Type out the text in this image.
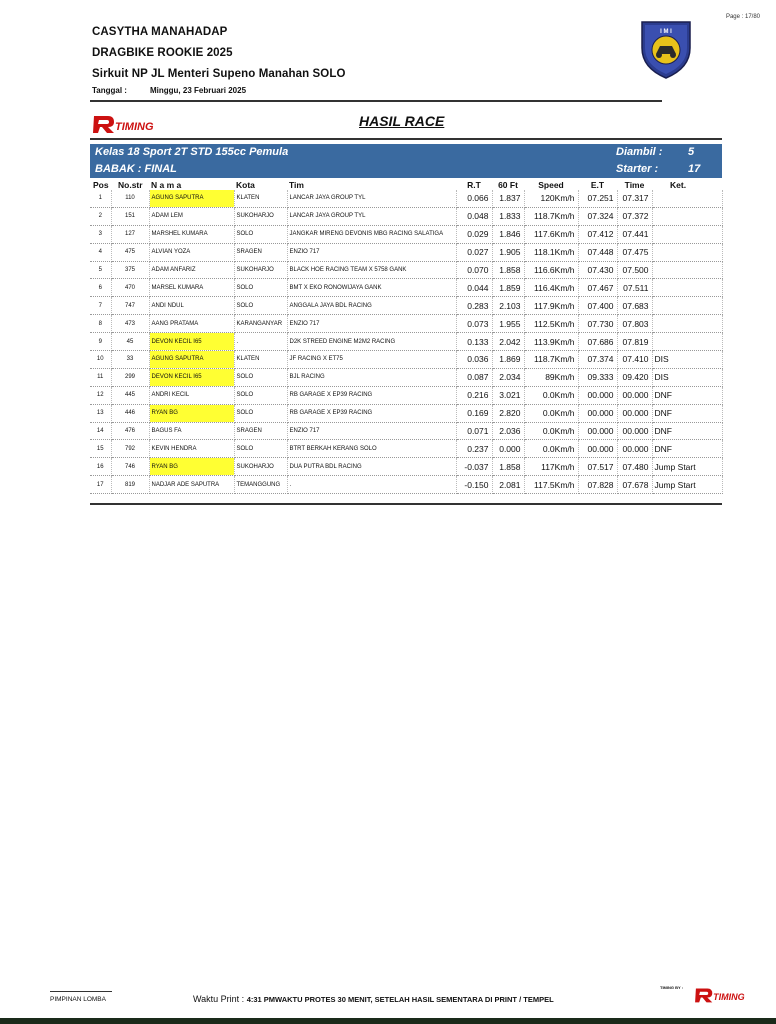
Page : 17/80
CASYTHA MANAHADAP
DRAGBIKE ROOKIE 2025
Sirkuit NP JL Menteri Supeno Manahan SOLO
Tanggal :	Minggu, 23 Februari 2025
I M I
TIMING	HASIL RACE
Kelas 18 Sport 2T STD 155cc Pemula
BABAK : FINAL
Diambil : 5
Starter :	17
Pos	No.str	N a m a	Kota	Tim	R.T	60 Ft	Speed	E.T	Time	Ket.
1	110	AGUNG SAPUTRA	KLATEN	LANCAR JAYA GROUP TYL	0.066	1.837	120Km/h	07.251	07.317	
2	151	ADAM LEM	SUKOHARJO	LANCAR JAYA GROUP TYL	0.048	1.833	118.7Km/h	07.324	07.372	
3	127	MARSHEL KUMARA	SOLO	JANGKAR MIRENG DEVONIS MBG RACING SALATIGA	0.029	1.846	117.6Km/h	07.412	07.441	
4	475	ALVIAN YOZA	SRAGEN	ENZIO 717	0.027	1.905	118.1Km/h	07.448	07.475	
5	375	ADAM ANFARIZ	SUKOHARJO	BLACK HOE RACING TEAM X 5758 GANK	0.070	1.858	116.6Km/h	07.430	07.500	
6	470	MARSEL KUMARA	SOLO	BMT X EKO RONOWIJAYA GANK	0.044	1.859	116.4Km/h	07.467	07.511	
7	747	ANDI NDUL	SOLO	ANGGALA JAYA BDL RACING	0.283	2.103	117.9Km/h	07.400	07.683	
8	473	AANG PRATAMA	KARANGANYAR	ENZIO 717	0.073	1.955	112.5Km/h	07.730	07.803	
9	45	DEVON KECIL I65	.	D2K STREED ENGINE M2M2 RACING	0.133	2.042	113.9Km/h	07.686	07.819	
10	33	AGUNG SAPUTRA	KLATEN	JF RACING X ET75	0.036	1.869	118.7Km/h	07.374	07.410	DIS
11	299	DEVON KECIL I65	SOLO	BJL RACING	0.087	2.034	89Km/h	09.333	09.420	DIS
12	445	ANDRI KECIL	SOLO	RB GARAGE X EP39 RACING	0.216	3.021	0.0Km/h	00.000	00.000	DNF
13	446	RYAN BG	SOLO	RB GARAGE X EP39 RACING	0.169	2.820	0.0Km/h	00.000	00.000	DNF
14	476	BAGUS FA	SRAGEN	ENZIO 717	0.071	2.036	0.0Km/h	00.000	00.000	DNF
15	792	KEVIN HENDRA	SOLO	BTRT BERKAH KERANG SOLO	0.237	0.000	0.0Km/h	00.000	00.000	DNF
16	746	RYAN BG	SUKOHARJO	DUA PUTRA BDL RACING	-0.037	1.858	117Km/h	07.517	07.480	Jump Start
17	819	NADJAR ADE SAPUTRA	TEMANGGUNG	.	-0.150	2.081	117.5Km/h	07.828	07.678	Jump Start
PIMPINAN LOMBA	Waktu Print : 4:31 PMWAKTU PROTES 30 MENIT, SETELAH HASIL SEMENTARA DI PRINT / TEMPEL
TIMING BY :
TIMING
